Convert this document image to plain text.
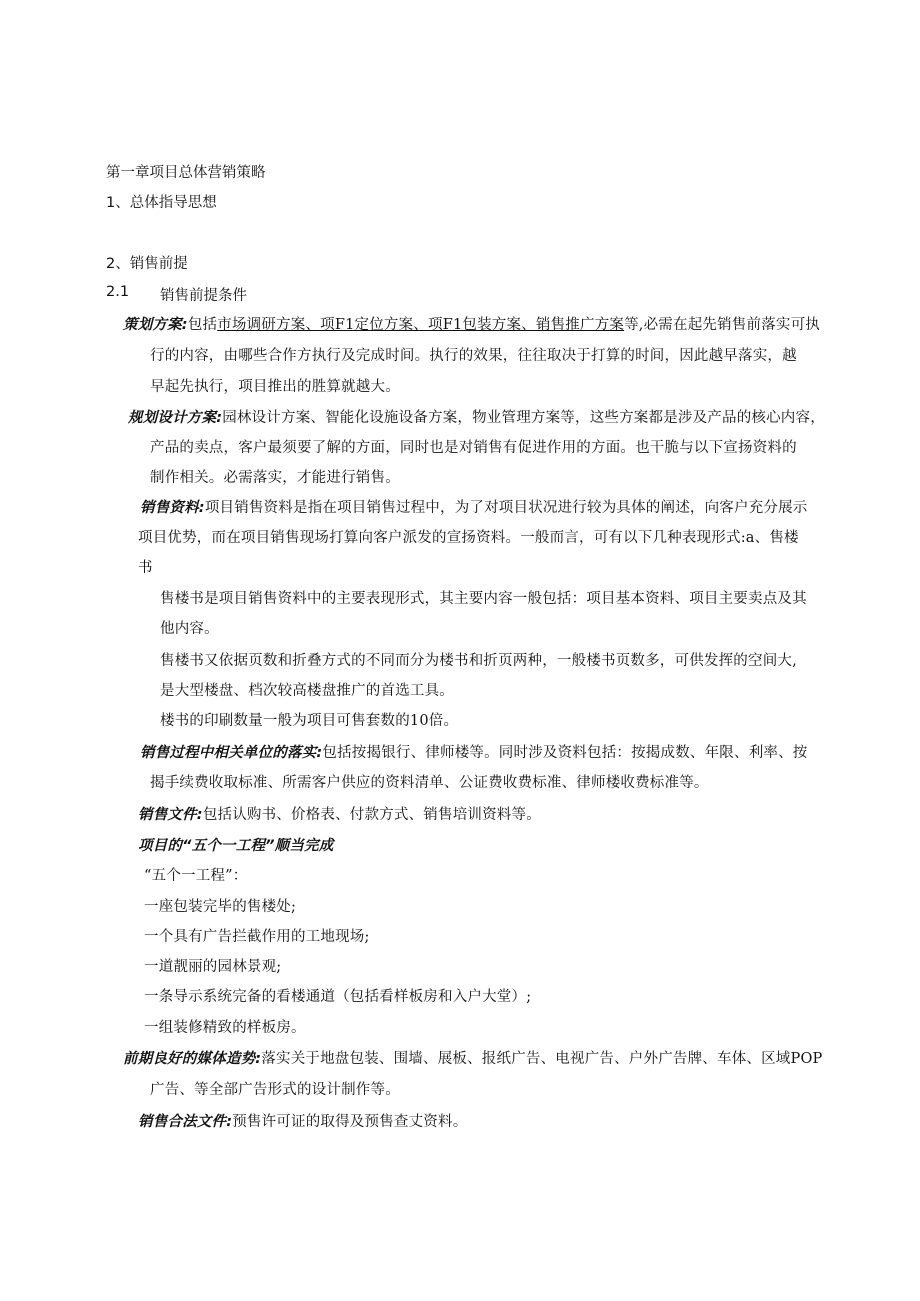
第一章项目总体营销策略
1、总体指导思想
2、销售前提
2.1 销售前提条件
策划方案:包括市场调研方案、项F1定位方案、项F1包装方案、销售推广方案等,必需在起先销售前落实可执
行的内容，由哪些合作方执行及完成时间。执行的效果，往往取决于打算的时间，因此越早落实，越
早起先执行，项目推出的胜算就越大。
规划设计方案:园林设计方案、智能化设施设备方案，物业管理方案等，这些方案都是涉及产品的核心内容，
产品的卖点，客户最须要了解的方面，同时也是对销售有促进作用的方面。也干脆与以下宣扬资料的
制作相关。必需落实，才能进行销售。
销售资料:项目销售资料是指在项目销售过程中，为了对项目状况进行较为具体的阐述，向客户充分展示
项目优势，而在项目销售现场打算向客户派发的宣扬资料。一般而言，可有以下几种表现形式:a、售楼
书
售楼书是项目销售资料中的主要表现形式，其主要内容一般包括：项目基本资料、项目主要卖点及其
他内容。
售楼书又依据页数和折叠方式的不同而分为楼书和折页两种，一般楼书页数多，可供发挥的空间大,
是大型楼盘、档次较高楼盘推广的首选工具。
楼书的印刷数量一般为项目可售套数的10倍。
销售过程中相关单位的落实:包括按揭银行、律师楼等。同时涉及资料包括：按揭成数、年限、利率、按
揭手续费收取标准、所需客户供应的资料清单、公证费收费标准、律师楼收费标准等。
销售文件:包括认购书、价格表、付款方式、销售培训资料等。
项目的“五个一工程”顺当完成
“五个一工程”：
一座包装完毕的售楼处;
一个具有广告拦截作用的工地现场;
一道靓丽的园林景观;
一条导示系统完备的看楼通道（包括看样板房和入户大堂）;
一组装修精致的样板房。
前期良好的媒体造势:落实关于地盘包装、围墙、展板、报纸广告、电视广告、户外广告牌、车体、区域POP
广告、等全部广告形式的设计制作等。
销售合法文件:预售许可证的取得及预售查丈资料。
